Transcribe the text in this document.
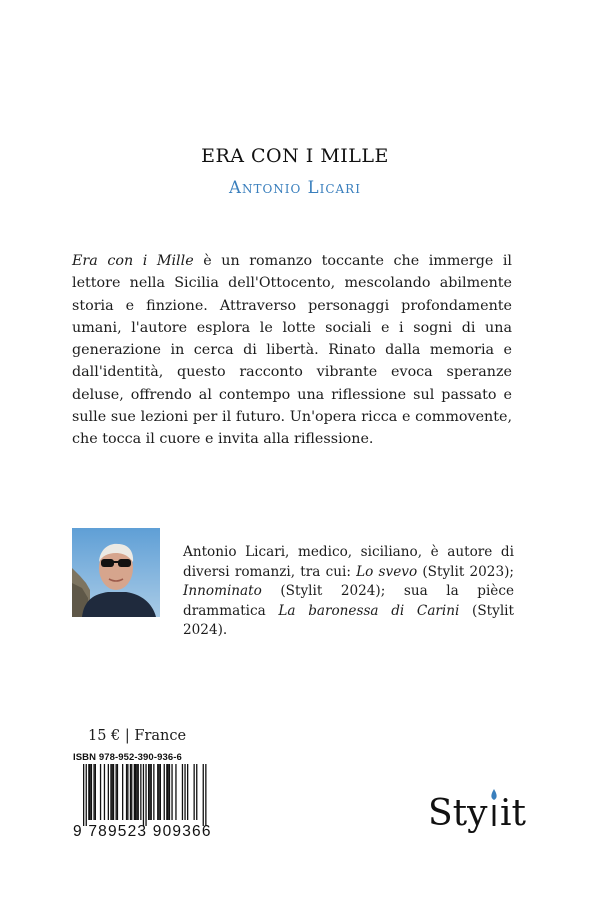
ERA CON I MILLE
Antonio Licari
Era con i Mille è un romanzo toccante che immerge il lettore nella Sicilia dell'Ottocento, mescolando abilmente storia e finzione. Attraverso personaggi profondamente umani, l'autore esplora le lotte sociali e i sogni di una generazione in cerca di libertà. Rinato dalla memoria e dall'identità, questo racconto vibrante evoca speranze deluse, offrendo al contempo una riflessione sul passato e sulle sue lezioni per il futuro. Un'opera ricca e commovente, che tocca il cuore e invita alla riflessione.
Antonio Licari, medico, siciliano, è autore di diversi romanzi, tra cui: Lo svevo (Stylit 2023); Innominato (Stylit 2024); sua la pièce drammatica La baronessa di Carini (Stylit 2024).
15 € | France
ISBN 978-952-390-936-6
9 789523 909366	Sty it
